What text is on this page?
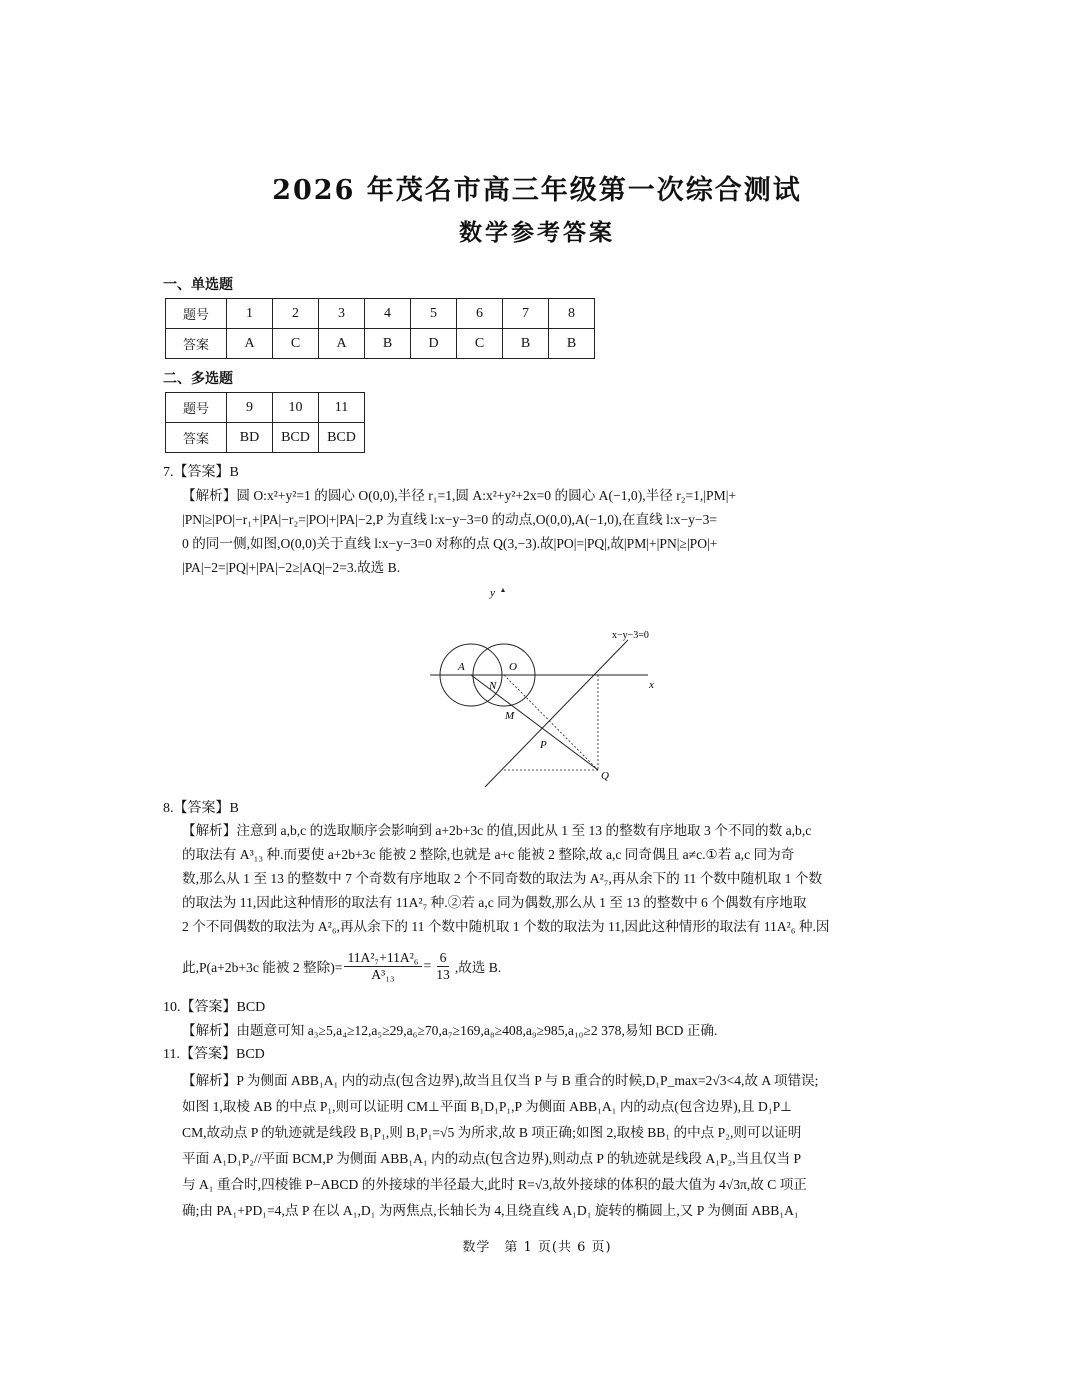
2026 年茂名市高三年级第一次综合测试
数学参考答案
一、单选题
题号	1	2	3	4	5	6	7	8
答案	A	C	A	B	D	C	B	B
二、多选题
题号	9	10	11
答案	BD	BCD	BCD
7.【答案】B
【解析】圆 O:x²+y²=1 的圆心 O(0,0),半径 r₁=1,圆 A:x²+y²+2x=0 的圆心 A(−1,0),半径 r₂=1,|PM|+
|PN|≥|PO|−r₁+|PA|−r₂=|PO|+|PA|−2,P 为直线 l:x−y−3=0 的动点,O(0,0),A(−1,0),在直线 l:x−y−3=
0 的同一侧,如图,O(0,0)关于直线 l:x−y−3=0 对称的点 Q(3,−3).故|PO|=|PQ|,故|PM|+|PN|≥|PO|+
|PA|−2=|PQ|+|PA|−2≥|AQ|−2=3.故选 B.
y
x
x−y−3=0
A	O
N
M
P
Q
8.【答案】B
【解析】注意到 a,b,c 的选取顺序会影响到 a+2b+3c 的值,因此从 1 至 13 的整数有序地取 3 个不同的数 a,b,c
的取法有 A³₁₃ 种.而要使 a+2b+3c 能被 2 整除,也就是 a+c 能被 2 整除,故 a,c 同奇偶且 a≠c.①若 a,c 同为奇
数,那么从 1 至 13 的整数中 7 个奇数有序地取 2 个不同奇数的取法为 A²₇,再从余下的 11 个数中随机取 1 个数
的取法为 11,因此这种情形的取法有 11A²₇ 种.②若 a,c 同为偶数,那么从 1 至 13 的整数中 6 个偶数有序地取
2 个不同偶数的取法为 A²₆,再从余下的 11 个数中随机取 1 个数的取法为 11,因此这种情形的取法有 11A²₆ 种.因
此,P(a+2b+3c 能被 2 整除)= $\frac{\text{11A²₇+11A²₆}}{\text{A³₁₃}} = \frac{6}{13}$ ,故选 B.
10.【答案】BCD
【解析】由题意可知 a₃≥5,a₄≥12,a₅≥29,a₆≥70,a₇≥169,a₈≥408,a₉≥985,a₁₀≥2 378,易知 BCD 正确.
11.【答案】BCD
【解析】P 为侧面 ABB₁A₁ 内的动点(包含边界),故当且仅当 P 与 B 重合的时候,D₁P_max=2√3<4,故 A 项错误;
如图 1,取棱 AB 的中点 P₁,则可以证明 CM⊥平面 B₁D₁P₁,P 为侧面 ABB₁A₁ 内的动点(包含边界),且 D₁P⊥
CM,故动点 P 的轨迹就是线段 B₁P₁,则 B₁P₁=√5 为所求,故 B 项正确;如图 2,取棱 BB₁ 的中点 P₂,则可以证明
平面 A₁D₁P₂//平面 BCM,P 为侧面 ABB₁A₁ 内的动点(包含边界),则动点 P 的轨迹就是线段 A₁P₂,当且仅当 P
与 A₁ 重合时,四棱锥 P−ABCD 的外接球的半径最大,此时 R=√3,故外接球的体积的最大值为 4√3π,故 C 项正
确;由 PA₁+PD₁=4,点 P 在以 A₁,D₁ 为两焦点,长轴长为 4,且绕直线 A₁D₁ 旋转的椭圆上,又 P 为侧面 ABB₁A₁
数学　第 1 页(共 6 页)
